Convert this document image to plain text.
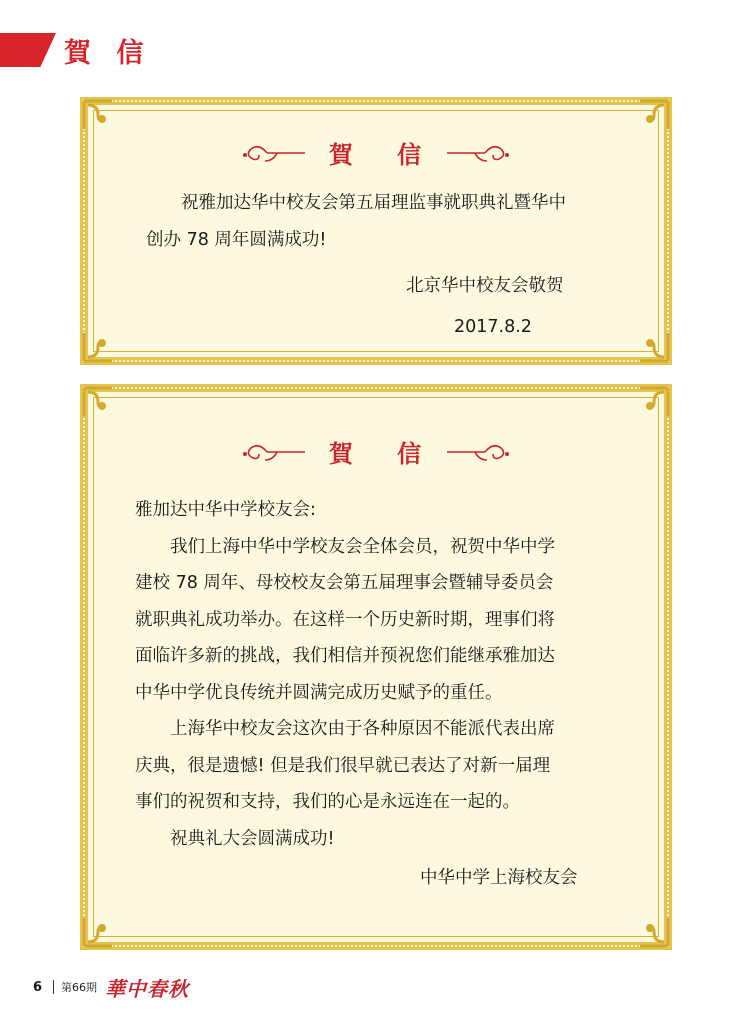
賀 信
賀 信
祝雅加达华中校友会第五届理监事就职典礼暨华中
创办 78 周年圆满成功!
北京华中校友会敬贺
2017.8.2
賀 信
雅加达中华中学校友会:
我们上海中华中学校友会全体会员，祝贺中华中学
建校 78 周年、母校校友会第五届理事会暨辅导委员会
就职典礼成功举办。在这样一个历史新时期，理事们将
面临许多新的挑战，我们相信并预祝您们能继承雅加达
中华中学优良传统并圆满完成历史赋予的重任。
上海华中校友会这次由于各种原因不能派代表出席
庆典，很是遗憾! 但是我们很早就已表达了对新一届理
事们的祝贺和支持，我们的心是永远连在一起的。
祝典礼大会圆满成功!
中华中学上海校友会
6 第66期 華中春秋
